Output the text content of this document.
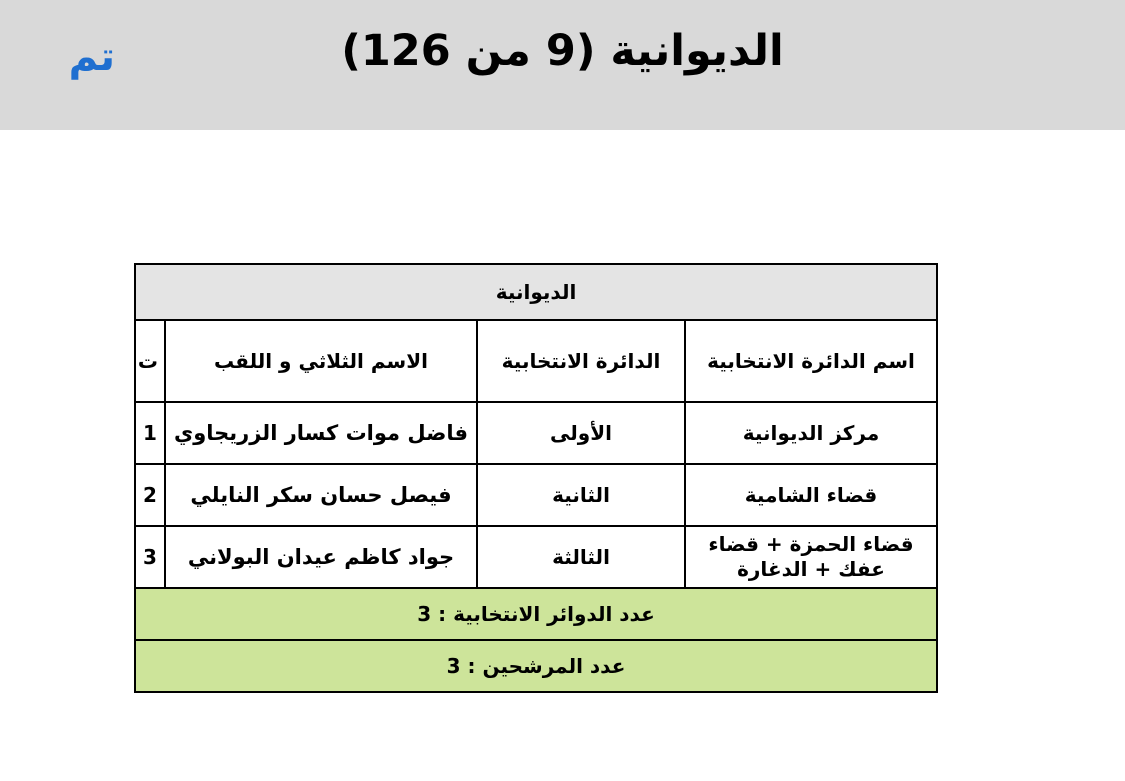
الديوانية (9 من 126)
تم
الديوانية			
اسم الدائرة الانتخابية	الدائرة الانتخابية	الاسم الثلاثي و اللقب	ت
مركز الديوانية	الأولى	فاضل موات كسار الزريجاوي	1
قضاء الشامية	الثانية	فيصل حسان سكر النايلي	2
قضاء الحمزة + قضاء عفك + الدغارة	الثالثة	جواد كاظم عيدان البولاني	3
عدد الدوائر الانتخابية : 3			
عدد المرشحين : 3			
